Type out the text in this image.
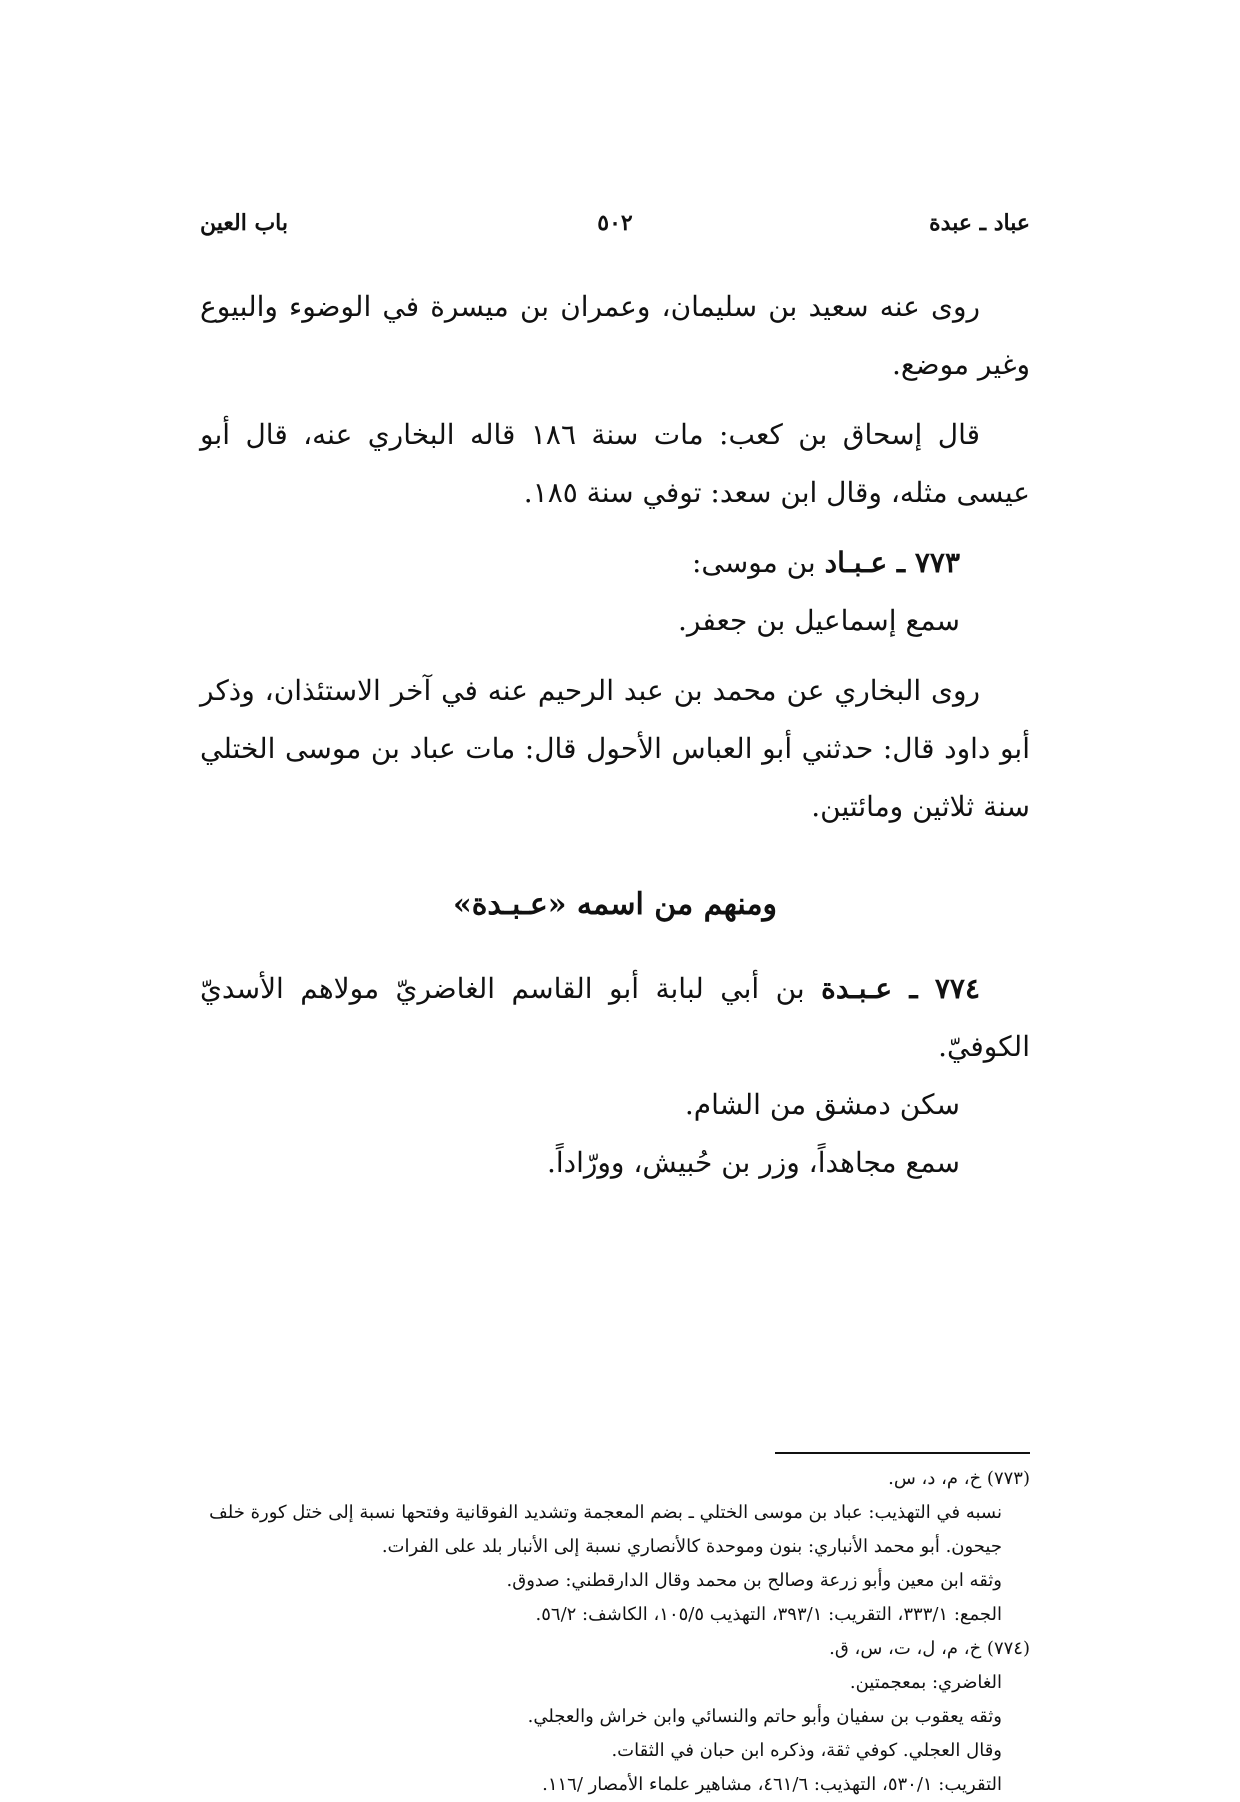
عباد ـ عبدة
٥٠٢
باب العين

روى عنه سعيد بن سليمان، وعمران بن ميسرة في الوضوء والبيوع وغير موضع.

قال إسحاق بن كعب: مات سنة ١٨٦ قاله البخاري عنه، قال أبو عيسى مثله، وقال ابن سعد: توفي سنة ١٨٥.

٧٧٣ ـ عـبـاد بن موسى:

سمع إسماعيل بن جعفر.

روى البخاري عن محمد بن عبد الرحيم عنه في آخر الاستئذان، وذكر أبو داود قال: حدثني أبو العباس الأحول قال: مات عباد بن موسى الختلي سنة ثلاثين ومائتين.

ومنهم من اسمه «عـبـدة»

٧٧٤ ـ عـبـدة بن أبي لبابة أبو القاسم الغاضريّ مولاهم الأسديّ الكوفيّ.

سكن دمشق من الشام.

سمع مجاهداً، وزر بن حُبيش، وورّاداً.

(٧٧٣) خ، م، د، س.

نسبه في التهذيب: عباد بن موسى الختلي ـ بضم المعجمة وتشديد الفوقانية وفتحها نسبة إلى ختل كورة خلف جيحون. أبو محمد الأنباري: بنون وموحدة كالأنصاري نسبة إلى الأنبار بلد على الفرات.

وثقه ابن معين وأبو زرعة وصالح بن محمد وقال الدارقطني: صدوق.

الجمع: ٣٣٣/١، التقريب: ٣٩٣/١، التهذيب ١٠٥/٥، الكاشف: ٥٦/٢.

(٧٧٤) خ، م، ل، ت، س، ق.

الغاضري: بمعجمتين.

وثقه يعقوب بن سفيان وأبو حاتم والنسائي وابن خراش والعجلي.

وقال العجلي. كوفي ثقة، وذكره ابن حبان في الثقات.

التقريب: ٥٣٠/١، التهذيب: ٤٦١/٦، مشاهير علماء الأمصار /١١٦.
